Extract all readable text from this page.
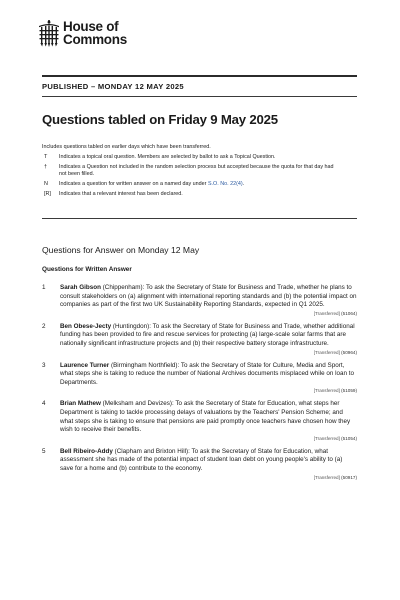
House of
Commons
PUBLISHED – MONDAY 12 MAY 2025
Questions tabled on Friday 9 May 2025
Includes questions tabled on earlier days which have been transferred.
T	Indicates a topical oral question. Members are selected by ballot to ask a Topical Question.
†	Indicates a Question not included in the random selection process but accepted because the quota for that day had not been filled.
N	Indicates a question for written answer on a named day under S.O. No. 22(4).
[R]	Indicates that a relevant interest has been declared.
Questions for Answer on Monday 12 May
Questions for Written Answer
1	Sarah Gibson (Chippenham): To ask the Secretary of State for Business and Trade, whether he plans to consult stakeholders on (a) alignment with international reporting standards and (b) the potential impact on companies as part of the first two UK Sustainability Reporting Standards, expected in Q1 2025.
[Transferred] (51064)
2	Ben Obese-Jecty (Huntingdon): To ask the Secretary of State for Business and Trade, whether additional funding has been provided to fire and rescue services for protecting (a) large-scale solar farms that are nationally significant infrastructure projects and (b) their respective battery storage infrastructure.
[Transferred] (50964)
3	Laurence Turner (Birmingham Northfield): To ask the Secretary of State for Culture, Media and Sport, what steps she is taking to reduce the number of National Archives documents misplaced while on loan to Departments.
[Transferred] (51059)
4	Brian Mathew (Melksham and Devizes): To ask the Secretary of State for Education, what steps her Department is taking to tackle processing delays of valuations by the Teachers' Pension Scheme; and what steps she is taking to ensure that pensions are paid promptly once teachers have chosen how they wish to receive their benefits.
[Transferred] (51054)
5	Bell Ribeiro-Addy (Clapham and Brixton Hill): To ask the Secretary of State for Education, what assessment she has made of the potential impact of student loan debt on young people's ability to (a) save for a home and (b) contribute to the economy.
[Transferred] (50917)
